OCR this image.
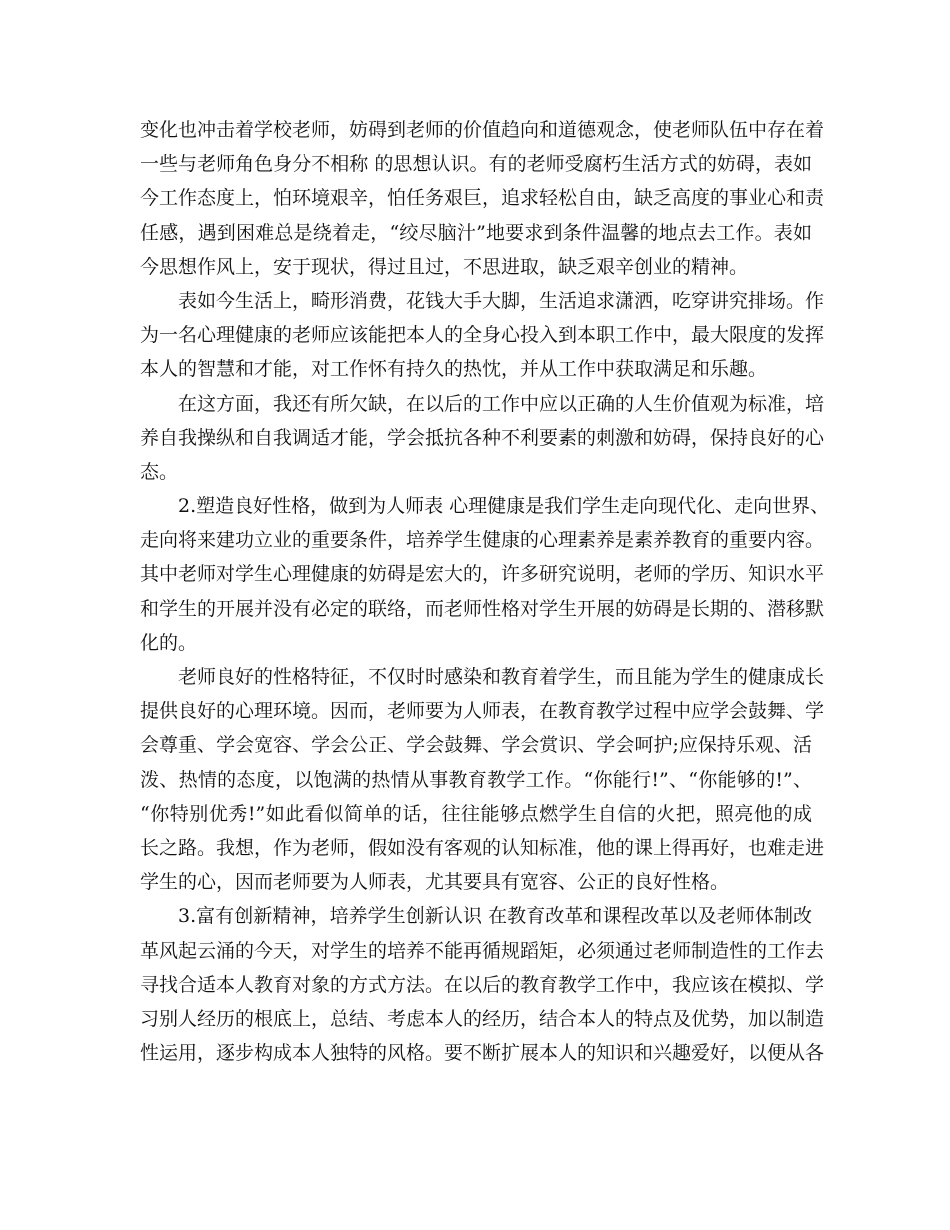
变化也冲击着学校老师，妨碍到老师的价值趋向和道德观念，使老师队伍中存在着
一些与老师角色身分不相称 的思想认识。有的老师受腐朽生活方式的妨碍，表如
今工作态度上，怕环境艰辛，怕任务艰巨，追求轻松自由，缺乏高度的事业心和责
任感，遇到困难总是绕着走，“绞尽脑汁”地要求到条件温馨的地点去工作。表如
今思想作风上，安于现状，得过且过，不思进取，缺乏艰辛创业的精神。
表如今生活上，畸形消费，花钱大手大脚，生活追求潇洒，吃穿讲究排场。作
为一名心理健康的老师应该能把本人的全身心投入到本职工作中，最大限度的发挥
本人的智慧和才能，对工作怀有持久的热忱，并从工作中获取满足和乐趣。
在这方面，我还有所欠缺，在以后的工作中应以正确的人生价值观为标准，培
养自我操纵和自我调适才能，学会抵抗各种不利要素的刺激和妨碍，保持良好的心
态。
2.塑造良好性格，做到为人师表 心理健康是我们学生走向现代化、走向世界、
走向将来建功立业的重要条件，培养学生健康的心理素养是素养教育的重要内容。
其中老师对学生心理健康的妨碍是宏大的，许多研究说明，老师的学历、知识水平
和学生的开展并没有必定的联络，而老师性格对学生开展的妨碍是长期的、潜移默
化的。
老师良好的性格特征，不仅时时感染和教育着学生，而且能为学生的健康成长
提供良好的心理环境。因而，老师要为人师表，在教育教学过程中应学会鼓舞、学
会尊重、学会宽容、学会公正、学会鼓舞、学会赏识、学会呵护;应保持乐观、活
泼、热情的态度，以饱满的热情从事教育教学工作。“你能行!”、“你能够的!”、
“你特别优秀!”如此看似简单的话，往往能够点燃学生自信的火把，照亮他的成
长之路。我想，作为老师，假如没有客观的认知标准，他的课上得再好，也难走进
学生的心，因而老师要为人师表，尤其要具有宽容、公正的良好性格。
3.富有创新精神，培养学生创新认识 在教育改革和课程改革以及老师体制改
革风起云涌的今天，对学生的培养不能再循规蹈矩，必须通过老师制造性的工作去
寻找合适本人教育对象的方式方法。在以后的教育教学工作中，我应该在模拟、学
习别人经历的根底上，总结、考虑本人的经历，结合本人的特点及优势，加以制造
性运用，逐步构成本人独特的风格。要不断扩展本人的知识和兴趣爱好，以便从各
